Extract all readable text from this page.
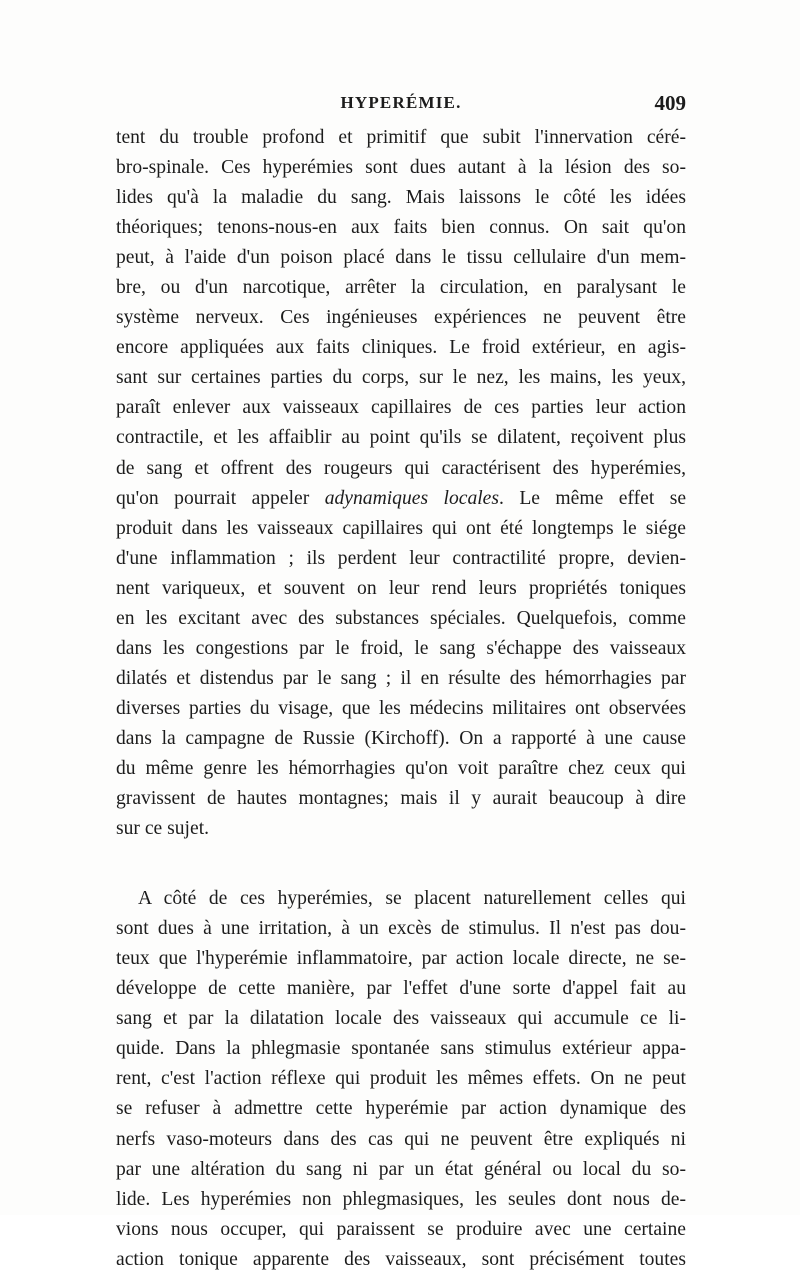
HYPERÉMIE.	409
tent du trouble profond et primitif que subit l'innervation céré-
bro-spinale. Ces hyperémies sont dues autant à la lésion des so-
lides qu'à la maladie du sang. Mais laissons le côté les idées
théoriques; tenons-nous-en aux faits bien connus. On sait qu'on
peut, à l'aide d'un poison placé dans le tissu cellulaire d'un mem-
bre, ou d'un narcotique, arrêter la circulation, en paralysant le
système nerveux. Ces ingénieuses expériences ne peuvent être
encore appliquées aux faits cliniques. Le froid extérieur, en agis-
sant sur certaines parties du corps, sur le nez, les mains, les yeux,
paraît enlever aux vaisseaux capillaires de ces parties leur action
contractile, et les affaiblir au point qu'ils se dilatent, reçoivent plus
de sang et offrent des rougeurs qui caractérisent des hyperémies,
qu'on pourrait appeler adynamiques locales. Le même effet se
produit dans les vaisseaux capillaires qui ont été longtemps le siége
d'une inflammation ; ils perdent leur contractilité propre, devien-
nent variqueux, et souvent on leur rend leurs propriétés toniques
en les excitant avec des substances spéciales. Quelquefois, comme
dans les congestions par le froid, le sang s'échappe des vaisseaux
dilatés et distendus par le sang ; il en résulte des hémorrhagies par
diverses parties du visage, que les médecins militaires ont observées
dans la campagne de Russie (Kirchoff). On a rapporté à une cause
du même genre les hémorrhagies qu'on voit paraître chez ceux qui
gravissent de hautes montagnes; mais il y aurait beaucoup à dire
sur ce sujet.
A côté de ces hyperémies, se placent naturellement celles qui
sont dues à une irritation, à un excès de stimulus. Il n'est pas dou-
teux que l'hyperémie inflammatoire, par action locale directe, ne se-
développe de cette manière, par l'effet d'une sorte d'appel fait au
sang et par la dilatation locale des vaisseaux qui accumule ce li-
quide. Dans la phlegmasie spontanée sans stimulus extérieur appa-
rent, c'est l'action réflexe qui produit les mêmes effets. On ne peut
se refuser à admettre cette hyperémie par action dynamique des
nerfs vaso-moteurs dans des cas qui ne peuvent être expliqués ni
par une altération du sang ni par un état général ou local du so-
lide. Les hyperémies non phlegmasiques, les seules dont nous de-
vions nous occuper, qui paraissent se produire avec une certaine
action tonique apparente des vaisseaux, sont précisément toutes
